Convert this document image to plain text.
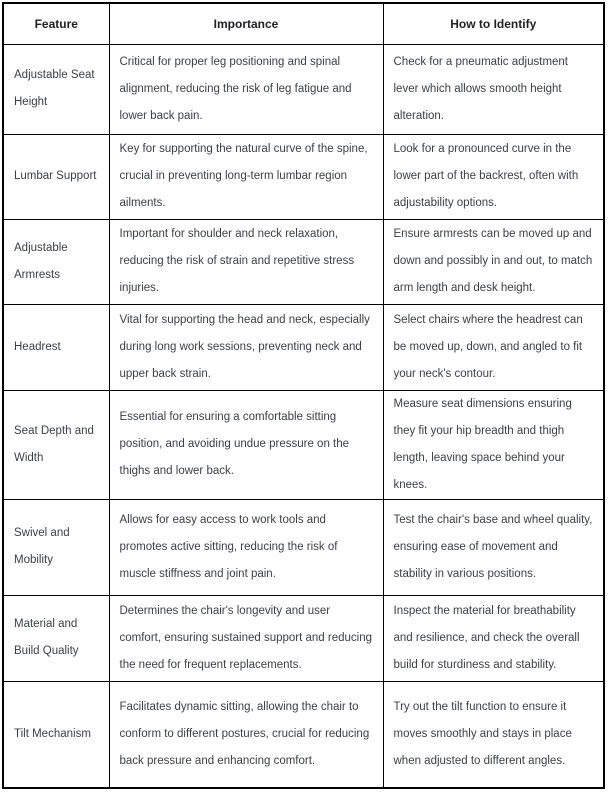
Feature	Importance	How to Identify
Adjustable Seat Height	Critical for proper leg positioning and spinal alignment, reducing the risk of leg fatigue and lower back pain.	Check for a pneumatic adjustment lever which allows smooth height alteration.
Lumbar Support	Key for supporting the natural curve of the spine, crucial in preventing long-term lumbar region ailments.	Look for a pronounced curve in the lower part of the backrest, often with adjustability options.
Adjustable Armrests	Important for shoulder and neck relaxation, reducing the risk of strain and repetitive stress injuries.	Ensure armrests can be moved up and down and possibly in and out, to match arm length and desk height.
Headrest	Vital for supporting the head and neck, especially during long work sessions, preventing neck and upper back strain.	Select chairs where the headrest can be moved up, down, and angled to fit your neck's contour.
Seat Depth and Width	Essential for ensuring a comfortable sitting position, and avoiding undue pressure on the thighs and lower back.	Measure seat dimensions ensuring they fit your hip breadth and thigh length, leaving space behind your knees.
Swivel and Mobility	Allows for easy access to work tools and promotes active sitting, reducing the risk of muscle stiffness and joint pain.	Test the chair's base and wheel quality, ensuring ease of movement and stability in various positions.
Material and Build Quality	Determines the chair's longevity and user comfort, ensuring sustained support and reducing the need for frequent replacements.	Inspect the material for breathability and resilience, and check the overall build for sturdiness and stability.
Tilt Mechanism	Facilitates dynamic sitting, allowing the chair to conform to different postures, crucial for reducing back pressure and enhancing comfort.	Try out the tilt function to ensure it moves smoothly and stays in place when adjusted to different angles.
